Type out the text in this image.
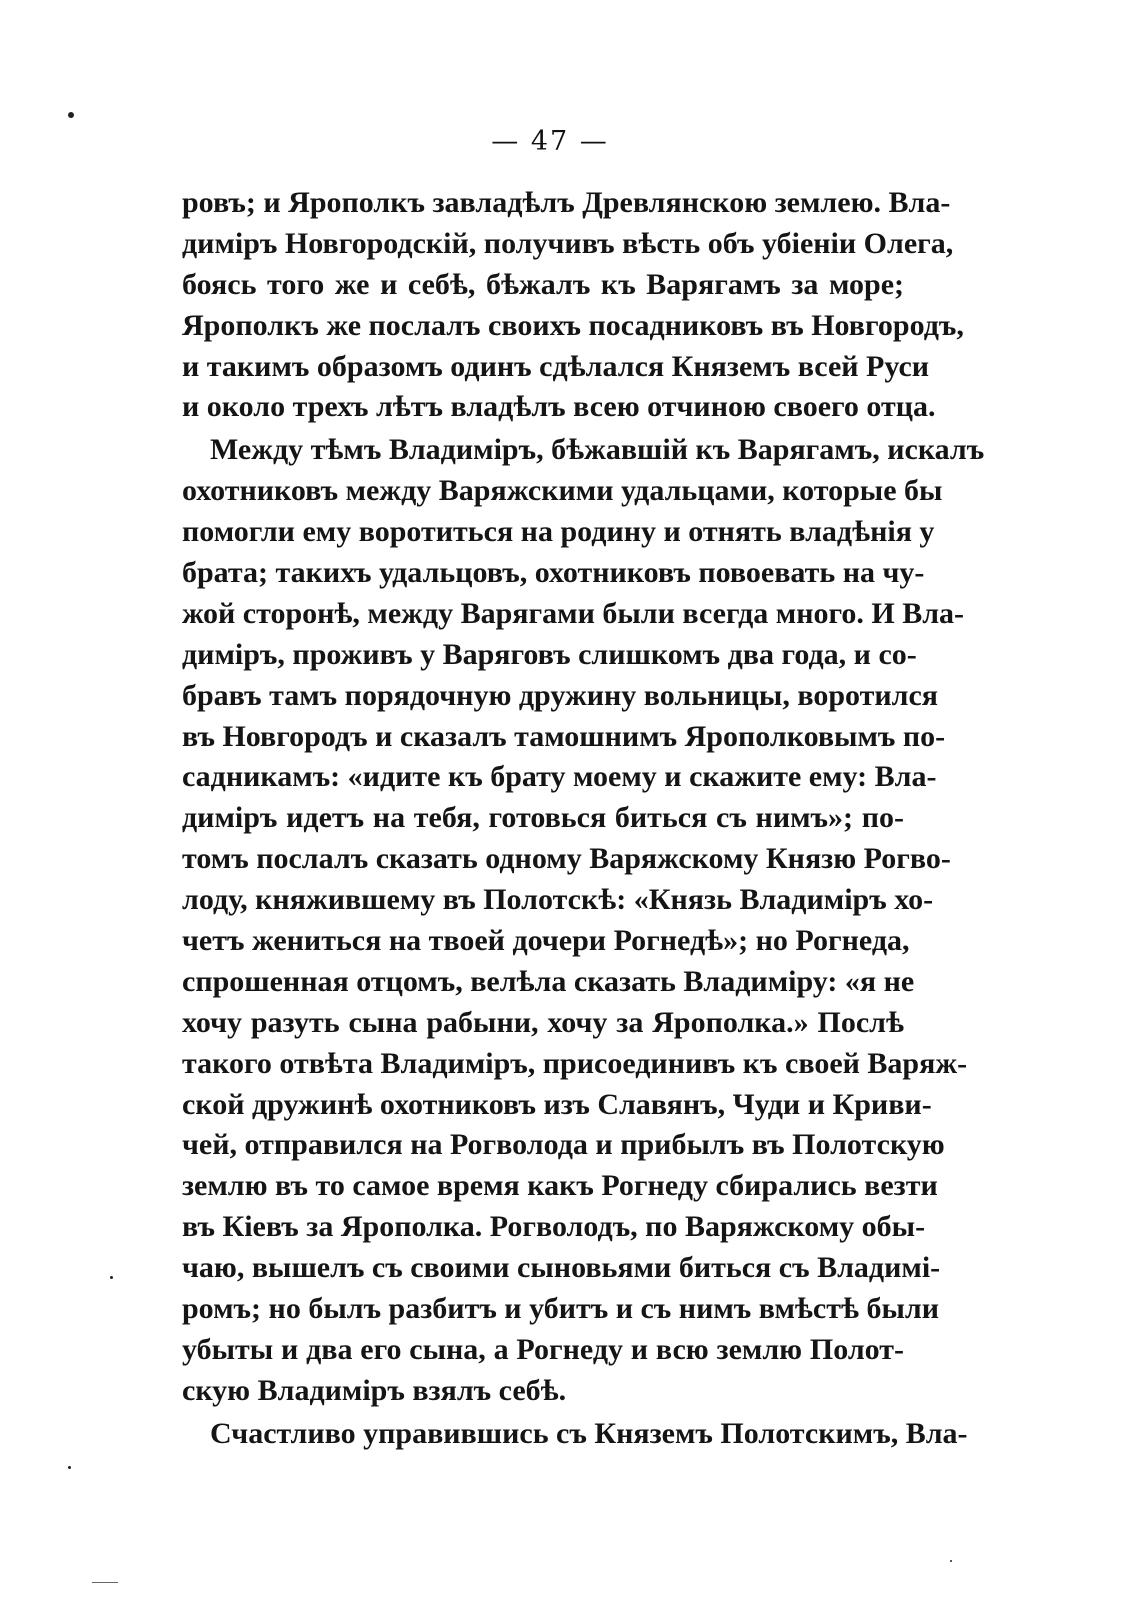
— 47 —
ровъ; и Ярополкъ завладѣлъ Древлянскою землею. Вла-
диміръ Новгородскій, получивъ вѣсть объ убіеніи Олега,
боясь того же и себѣ, бѣжалъ къ Варягамъ за море;
Ярополкъ же послалъ своихъ посадниковъ въ Новгородъ,
и такимъ образомъ одинъ сдѣлался Княземъ всей Руси
и около трехъ лѣтъ владѣлъ всею отчиною своего отца.
Между тѣмъ Владиміръ, бѣжавшій къ Варягамъ, искалъ
охотниковъ между Варяжскими удальцами, которые бы
помогли ему воротиться на родину и отнять владѣнія у
брата; такихъ удальцовъ, охотниковъ повоевать на чу-
жой сторонѣ, между Варягами были всегда много. И Вла-
диміръ, проживъ у Варяговъ слишкомъ два года, и со-
бравъ тамъ порядочную дружину вольницы, воротился
въ Новгородъ и сказалъ тамошнимъ Ярополковымъ по-
садникамъ: «идите къ брату моему и скажите ему: Вла-
диміръ идетъ на тебя, готовься биться съ нимъ»; по-
томъ послалъ сказать одному Варяжскому Князю Рогво-
лоду, княжившему въ Полотскѣ: «Князь Владиміръ хо-
четъ жениться на твоей дочери Рогнедѣ»; но Рогнеда,
спрошенная отцомъ, велѣла сказать Владиміру: «я не
хочу разуть сына рабыни, хочу за Ярополка.» Послѣ
такого отвѣта Владиміръ, присоединивъ къ своей Варяж-
ской дружинѣ охотниковъ изъ Славянъ, Чуди и Криви-
чей, отправился на Рогволода и прибылъ въ Полотскую
землю въ то самое время какъ Рогнеду сбирались везти
въ Кіевъ за Ярополка. Рогволодъ, по Варяжскому обы-
чаю, вышелъ съ своими сыновьями биться съ Владимі-
ромъ; но былъ разбитъ и убитъ и съ нимъ вмѣстѣ были
убыты и два его сына, а Рогнеду и всю землю Полот-
скую Владиміръ взялъ себѣ.
Счастливо управившись съ Княземъ Полотскимъ, Вла-
